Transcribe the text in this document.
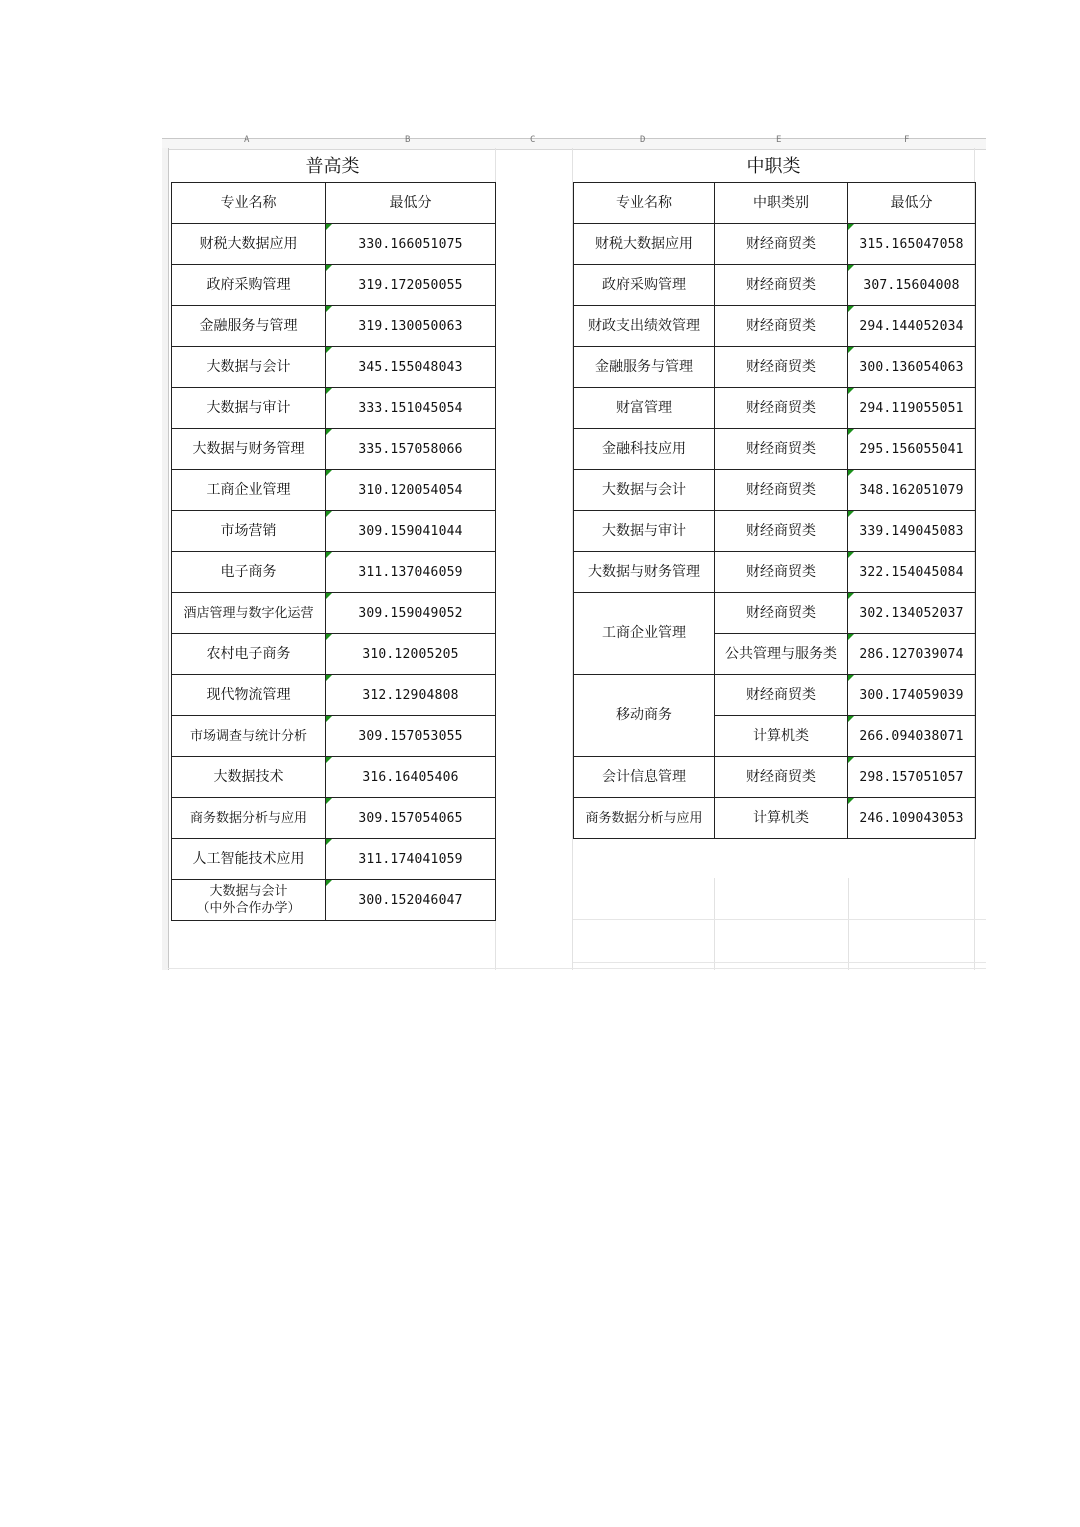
A	B	C	D	E	F
普高类	中职类
专业名称	最低分
财税大数据应用	330.166051075
政府采购管理	319.172050055
金融服务与管理	319.130050063
大数据与会计	345.155048043
大数据与审计	333.151045054
大数据与财务管理	335.157058066
工商企业管理	310.120054054
市场营销	309.159041044
电子商务	311.137046059
酒店管理与数字化运营	309.159049052
农村电子商务	310.12005205
现代物流管理	312.12904808
市场调查与统计分析	309.157053055
大数据技术	316.16405406
商务数据分析与应用	309.157054065
人工智能技术应用	311.174041059
大数据与会计
（中外合作办学）	300.152046047
专业名称	中职类别	最低分
财税大数据应用	财经商贸类	315.165047058
政府采购管理	财经商贸类	307.15604008
财政支出绩效管理	财经商贸类	294.144052034
金融服务与管理	财经商贸类	300.136054063
财富管理	财经商贸类	294.119055051
金融科技应用	财经商贸类	295.156055041
大数据与会计	财经商贸类	348.162051079
大数据与审计	财经商贸类	339.149045083
大数据与财务管理	财经商贸类	322.154045084
工商企业管理	财经商贸类	302.134052037
	公共管理与服务类	286.127039074
移动商务	财经商贸类	300.174059039
	计算机类	266.094038071
会计信息管理	财经商贸类	298.157051057
商务数据分析与应用	计算机类	246.109043053
